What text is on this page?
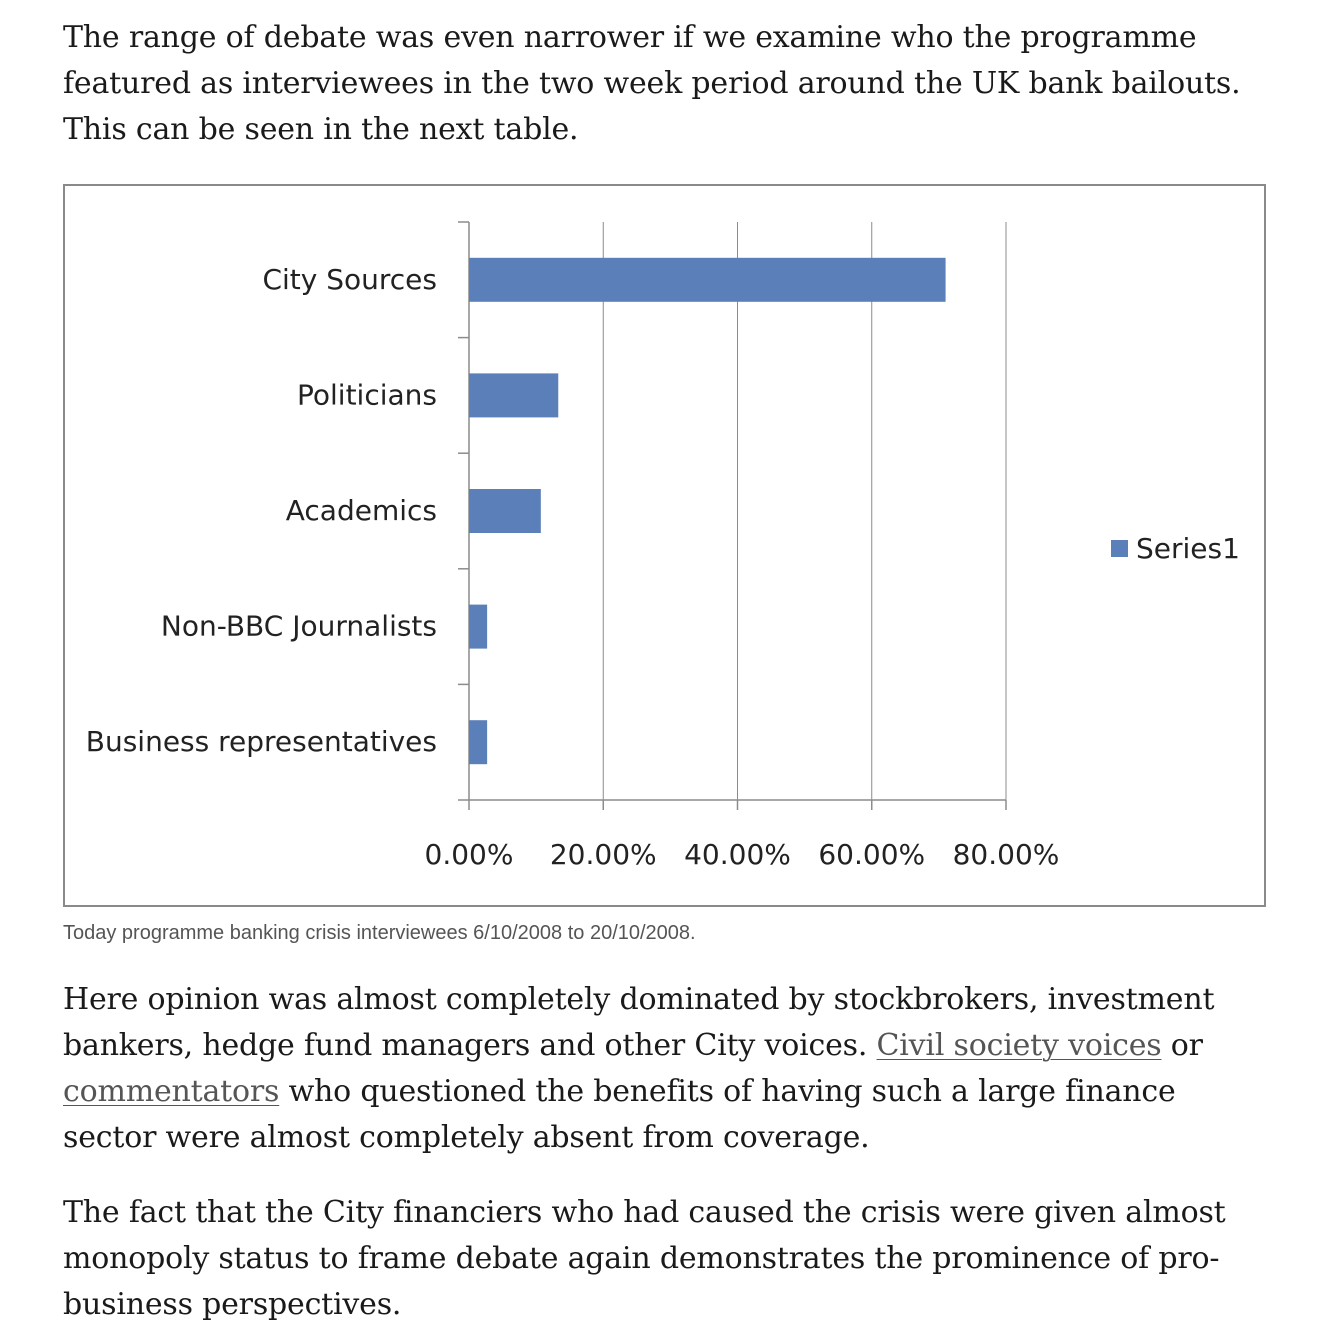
The range of debate was even narrower if we examine who the programme featured as interviewees in the two week period around the UK bank bailouts. This can be seen in the next table.

0.00% 20.00% 40.00% 60.00% 80.00%
City Sources
Politicians
Academics
Non-BBC Journalists
Business representatives
Series1

Today programme banking crisis interviewees 6/10/2008 to 20/10/2008.

Here opinion was almost completely dominated by stockbrokers, investment bankers, hedge fund managers and other City voices. Civil society voices or commentators who questioned the benefits of having such a large finance sector were almost completely absent from coverage.

The fact that the City financiers who had caused the crisis were given almost monopoly status to frame debate again demonstrates the prominence of pro-business perspectives.
